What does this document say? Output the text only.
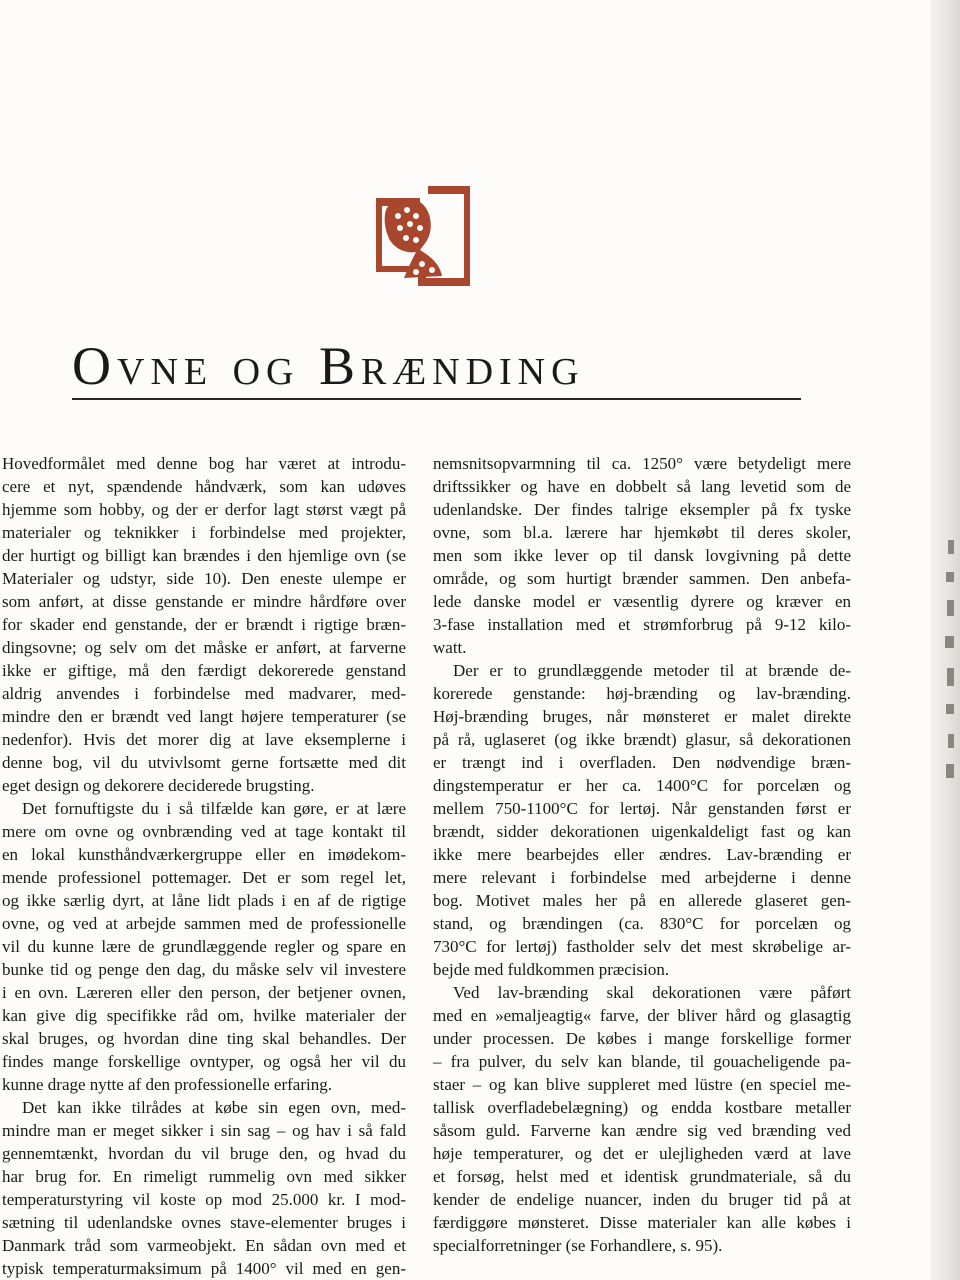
Ovne og Brænding
Hovedformålet med denne bog har været at introdu-
cere et nyt, spændende håndværk, som kan udøves
hjemme som hobby, og der er derfor lagt størst vægt på
materialer og teknikker i forbindelse med projekter,
der hurtigt og billigt kan brændes i den hjemlige ovn (se
Materialer og udstyr, side 10). Den eneste ulempe er
som anført, at disse genstande er mindre hårdføre over
for skader end genstande, der er brændt i rigtige bræn-
dingsovne; og selv om det måske er anført, at farverne
ikke er giftige, må den færdigt dekorerede genstand
aldrig anvendes i forbindelse med madvarer, med-
mindre den er brændt ved langt højere temperaturer (se
nedenfor). Hvis det morer dig at lave eksemplerne i
denne bog, vil du utvivlsomt gerne fortsætte med dit
eget design og dekorere deciderede brugsting.
Det fornuftigste du i så tilfælde kan gøre, er at lære
mere om ovne og ovnbrænding ved at tage kontakt til
en lokal kunsthåndværkergruppe eller en imødekom-
mende professionel pottemager. Det er som regel let,
og ikke særlig dyrt, at låne lidt plads i en af de rigtige
ovne, og ved at arbejde sammen med de professionelle
vil du kunne lære de grundlæggende regler og spare en
bunke tid og penge den dag, du måske selv vil investere
i en ovn. Læreren eller den person, der betjener ovnen,
kan give dig specifikke råd om, hvilke materialer der
skal bruges, og hvordan dine ting skal behandles. Der
findes mange forskellige ovntyper, og også her vil du
kunne drage nytte af den professionelle erfaring.
Det kan ikke tilrådes at købe sin egen ovn, med-
mindre man er meget sikker i sin sag – og hav i så fald
gennemtænkt, hvordan du vil bruge den, og hvad du
har brug for. En rimeligt rummelig ovn med sikker
temperaturstyring vil koste op mod 25.000 kr. I mod-
sætning til udenlandske ovnes stave-elementer bruges i
Danmark tråd som varmeobjekt. En sådan ovn med et
typisk temperaturmaksimum på 1400° vil med en gen-
nemsnitsopvarmning til ca. 1250° være betydeligt mere
driftssikker og have en dobbelt så lang levetid som de
udenlandske. Der findes talrige eksempler på fx tyske
ovne, som bl.a. lærere har hjemkøbt til deres skoler,
men som ikke lever op til dansk lovgivning på dette
område, og som hurtigt brænder sammen. Den anbefa-
lede danske model er væsentlig dyrere og kræver en
3-fase installation med et strømforbrug på 9-12 kilo-
watt.
Der er to grundlæggende metoder til at brænde de-
korerede genstande: høj-brænding og lav-brænding.
Høj-brænding bruges, når mønsteret er malet direkte
på rå, uglaseret (og ikke brændt) glasur, så dekorationen
er trængt ind i overfladen. Den nødvendige bræn-
dingstemperatur er her ca. 1400°C for porcelæn og
mellem 750-1100°C for lertøj. Når genstanden først er
brændt, sidder dekorationen uigenkaldeligt fast og kan
ikke mere bearbejdes eller ændres. Lav-brænding er
mere relevant i forbindelse med arbejderne i denne
bog. Motivet males her på en allerede glaseret gen-
stand, og brændingen (ca. 830°C for porcelæn og
730°C for lertøj) fastholder selv det mest skrøbelige ar-
bejde med fuldkommen præcision.
Ved lav-brænding skal dekorationen være påført
med en »emaljeagtig« farve, der bliver hård og glasagtig
under processen. De købes i mange forskellige former
– fra pulver, du selv kan blande, til gouacheligende pa-
staer – og kan blive suppleret med lüstre (en speciel me-
tallisk overfladebelægning) og endda kostbare metaller
såsom guld. Farverne kan ændre sig ved brænding ved
høje temperaturer, og det er ulejligheden værd at lave
et forsøg, helst med et identisk grundmateriale, så du
kender de endelige nuancer, inden du bruger tid på at
færdiggøre mønsteret. Disse materialer kan alle købes i
specialforretninger (se Forhandlere, s. 95).
